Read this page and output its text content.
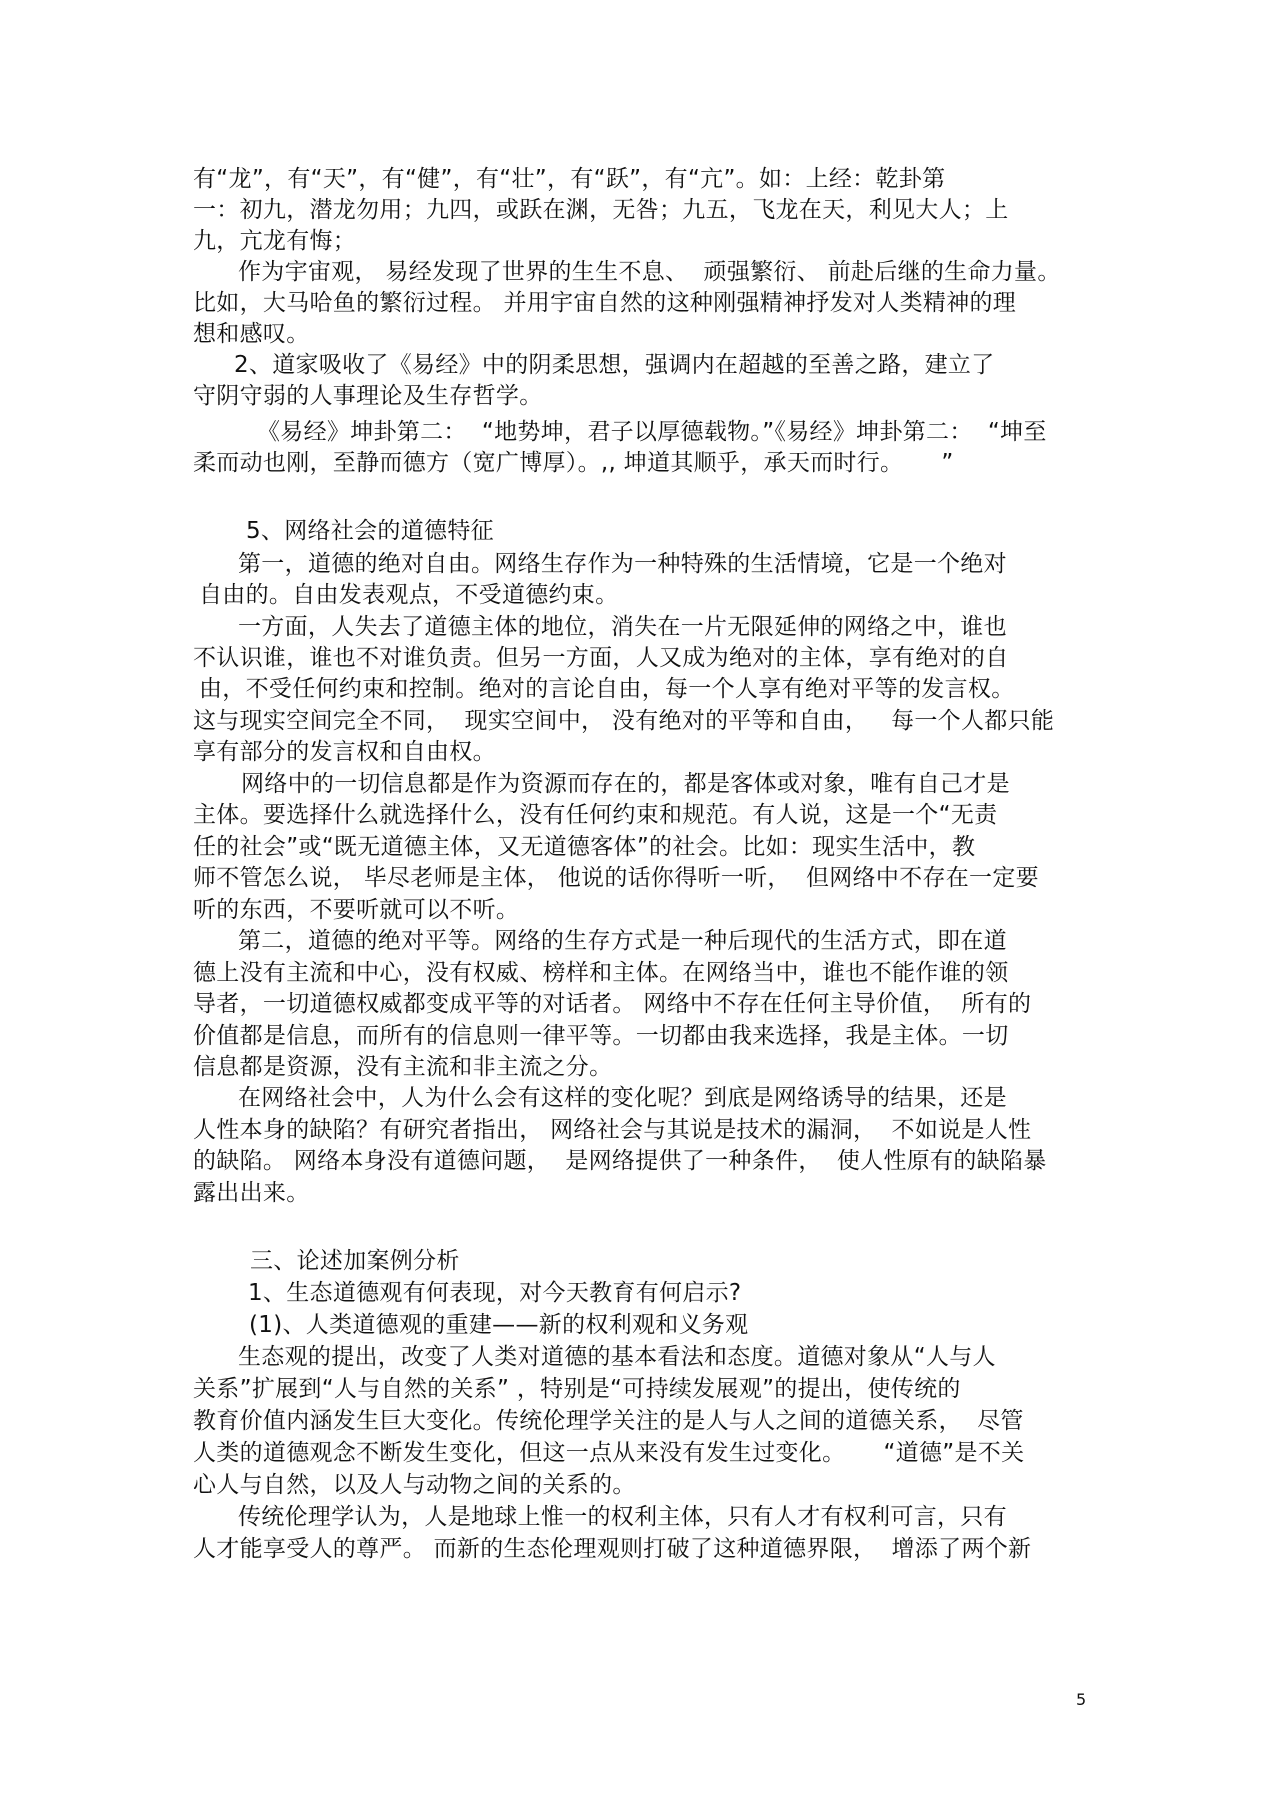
有“龙”，有“天”，有“健”，有“壮”，有“跃”，有“亢”。如：上经：乾卦第
一：初九，潜龙勿用；九四，或跃在渊，无咎；九五，飞龙在天，利见大人；上
九，亢龙有悔；
作为宇宙观， 易经发现了世界的生生不息、  顽强繁衍、 前赴后继的生命力量。
比如，大马哈鱼的繁衍过程。 并用宇宙自然的这种刚强精神抒发对人类精神的理
想和感叹。
2、道家吸收了《易经》中的阴柔思想，强调内在超越的至善之路，建立了
守阴守弱的人事理论及生存哲学。
《易经》坤卦第二：  “地势坤，君子以厚德载物。”《易经》坤卦第二：  “坤至
柔而动也刚，至静而德方（宽广博厚）。,, 坤道其顺乎，承天而时行。     ”
5、网络社会的道德特征
第一，道德的绝对自由。网络生存作为一种特殊的生活情境，它是一个绝对
自由的。自由发表观点，不受道德约束。
一方面，人失去了道德主体的地位，消失在一片无限延伸的网络之中，谁也
不认识谁，谁也不对谁负责。但另一方面，人又成为绝对的主体，享有绝对的自
由，不受任何约束和控制。绝对的言论自由，每一个人享有绝对平等的发言权。
这与现实空间完全不同，  现实空间中， 没有绝对的平等和自由，   每一个人都只能
享有部分的发言权和自由权。
网络中的一切信息都是作为资源而存在的，都是客体或对象，唯有自己才是
主体。要选择什么就选择什么，没有任何约束和规范。有人说，这是一个“无责
任的社会”或“既无道德主体，又无道德客体”的社会。比如：现实生活中，教
师不管怎么说， 毕尽老师是主体， 他说的话你得听一听，  但网络中不存在一定要
听的东西，不要听就可以不听。
第二，道德的绝对平等。网络的生存方式是一种后现代的生活方式，即在道
德上没有主流和中心，没有权威、榜样和主体。在网络当中，谁也不能作谁的领
导者，一切道德权威都变成平等的对话者。 网络中不存在任何主导价值，  所有的
价值都是信息，而所有的信息则一律平等。一切都由我来选择，我是主体。一切
信息都是资源，没有主流和非主流之分。
在网络社会中，人为什么会有这样的变化呢？到底是网络诱导的结果，还是
人性本身的缺陷？有研究者指出， 网络社会与其说是技术的漏洞，  不如说是人性
的缺陷。 网络本身没有道德问题，  是网络提供了一种条件，  使人性原有的缺陷暴
露出出来。
三、论述加案例分析
1、生态道德观有何表现，对今天教育有何启示?
(1)、人类道德观的重建——新的权利观和义务观
生态观的提出，改变了人类对道德的基本看法和态度。道德对象从“人与人
关系”扩展到“人与自然的关系” ，特别是“可持续发展观”的提出，使传统的
教育价值内涵发生巨大变化。传统伦理学关注的是人与人之间的道德关系，  尽管
人类的道德观念不断发生变化，但这一点从来没有发生过变化。     “道德”是不关
心人与自然，以及人与动物之间的关系的。
传统伦理学认为，人是地球上惟一的权利主体，只有人才有权利可言，只有
人才能享受人的尊严。 而新的生态伦理观则打破了这种道德界限，  增添了两个新
5
